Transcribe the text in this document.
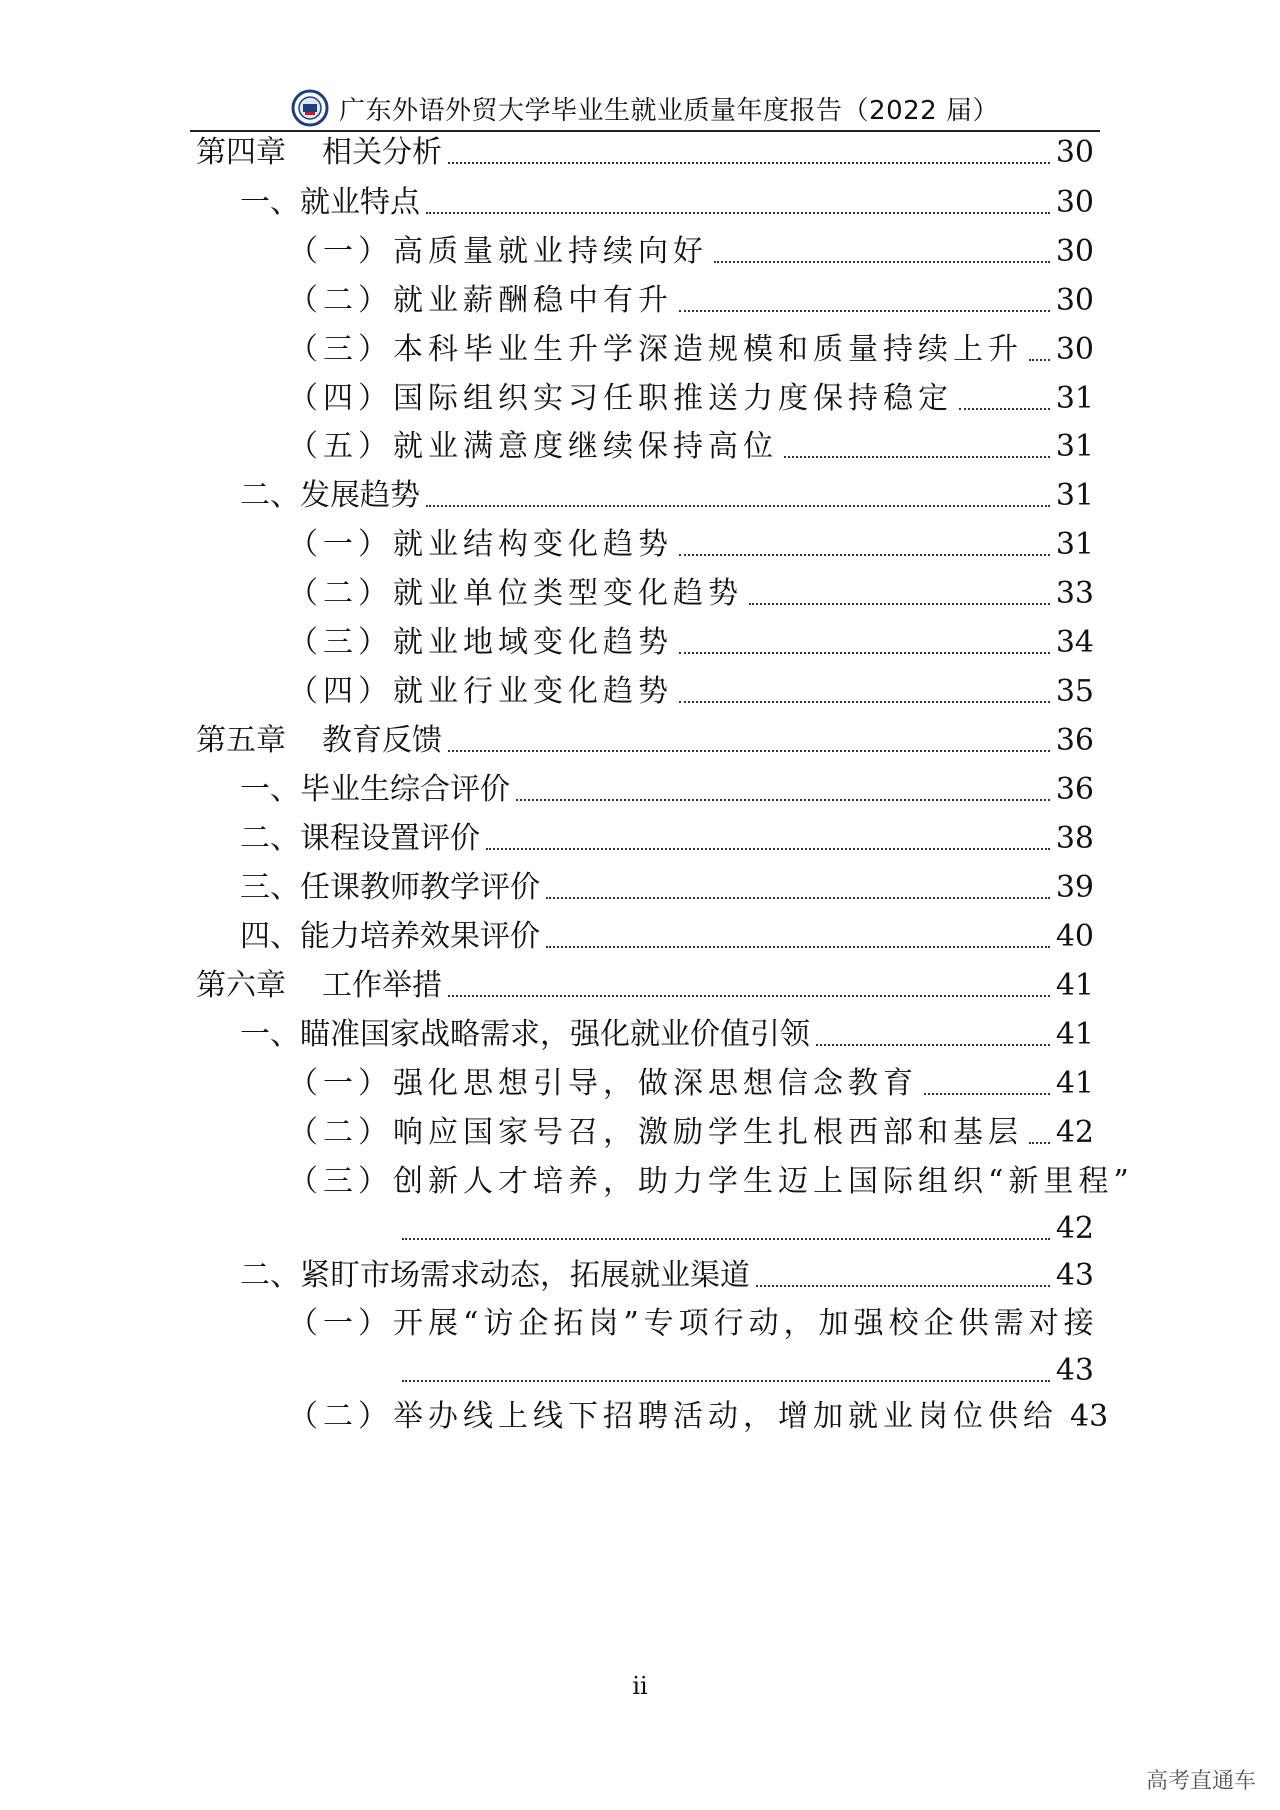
广东外语外贸大学毕业生就业质量年度报告（2022 届）
第四章 相关分析	30
一、就业特点	30
（一）高质量就业持续向好	30
（二）就业薪酬稳中有升	30
（三）本科毕业生升学深造规模和质量持续上升 30
（四）国际组织实习任职推送力度保持稳定	31
（五）就业满意度继续保持高位	31
二、发展趋势	31
（一）就业结构变化趋势	31
（二）就业单位类型变化趋势	33
（三）就业地域变化趋势	34
（四）就业行业变化趋势	35
第五章 教育反馈	36
一、毕业生综合评价	36
二、课程设置评价	38
三、任课教师教学评价	39
四、能力培养效果评价	40
第六章 工作举措	41
一、瞄准国家战略需求，强化就业价值引领	41
（一）强化思想引导，做深思想信念教育	41
（二）响应国家号召，激励学生扎根西部和基层 42
（三）创新人才培养，助力学生迈上国际组织“新里程”
42
二、紧盯市场需求动态，拓展就业渠道	43
（一）开展“访企拓岗”专项行动，加强校企供需对接
43
（二）举办线上线下招聘活动，增加就业岗位供给 43
ii
高考直通车
